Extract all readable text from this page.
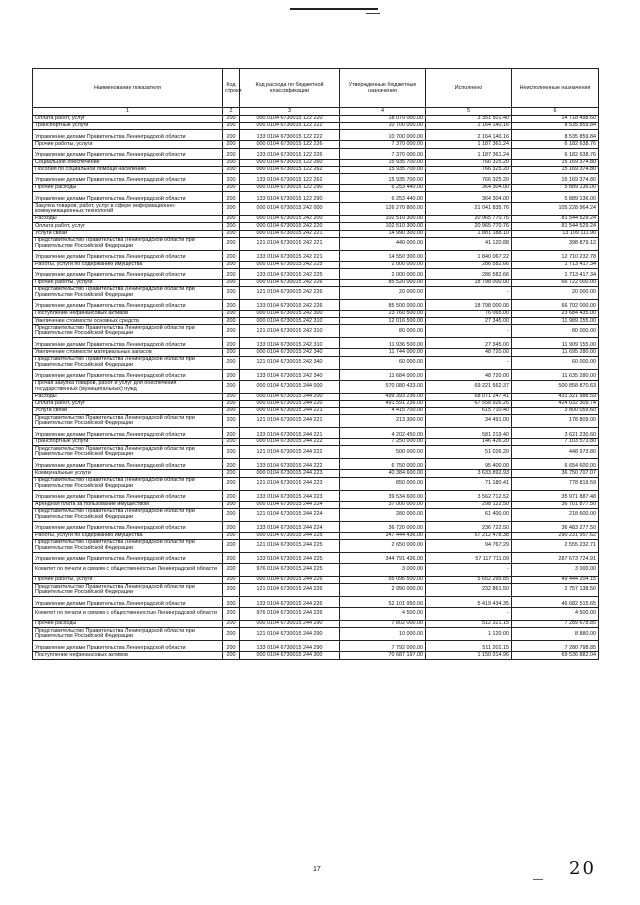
Наименование показателя	Код строки	Код расхода по бюджетной классификации	Утвержденные бюджетные назначения	Исполнено	Неисполненные назначения
1	2	3	4	5	6
Оплата работ, услуг	200	000 0104 6730015 122 220	18 070 000.00	3 351 501.40	14 718 498.60
Транспортные услуги	200	000 0104 6730015 122 222	10 700 000.00	2 164 140.16	8 535 859.84
Управление делами Правительства Ленинградской области	200	133 0104 6730015 122 222	10 700 000.00	2 164 140.16	8 535 859.84
Прочие работы, услуги	200	000 0104 6730015 122 226	7 370 000.00	1 187 361.24	6 182 638.76
Управление делами Правительства Ленинградской области	200	133 0104 6730015 122 226	7 370 000.00	1 187 361.24	6 182 638.76
Социальное обеспечение	200	000 0104 6730015 122 260	15 935 700.00	766 325.20	15 169 374.80
Пособия по социальной помощи населению	200	000 0104 6730015 122 262	15 935 700.00	766 325.20	15 169 374.80
Управление делами Правительства Ленинградской области	200	133 0104 6730015 122 262	15 935 700.00	766 325.20	15 169 374.80
Прочие расходы	200	000 0104 6730015 122 290	6 253 440.00	364 304.00	5 889 136.00
Управление делами Правительства Ленинградской области	200	133 0104 6730015 122 290	6 253 440.00	364 304.00	5 889 136.00
Закупка товаров, работ, услуг в сфере информационно-коммуникационных технологий	200	000 0104 6730015 242 000	126 270 800.00	21 041 835.76	105 228 964.24
Расходы	200	000 0104 6730015 242 200	102 510 300.00	20 965 770.76	81 544 529.24
Оплата работ, услуг	200	000 0104 6730015 242 220	102 510 300.00	20 965 770.76	81 544 529.24
Услуги связи	200	000 0104 6730015 242 221	14 990 300.00	1 881 188.10	13 109 111.90
Представительство Правительства Ленинградской области при Правительстве Российской Федерации	200	121 0104 6730015 242 221	440 000.00	41 120.88	398 879.12
Управление делами Правительства Ленинградской области	200	133 0104 6730015 242 221	14 550 300.00	1 840 067.22	12 710 232.78
Работы, услуги по содержанию имущества	200	000 0104 6730015 242 225	2 000 000.00	286 582.66	1 713 417.34
Управление делами Правительства Ленинградской области	200	133 0104 6730015 242 225	2 000 000.00	286 582.66	1 713 417.34
Прочие работы, услуги	200	000 0104 6730015 242 226	85 520 000.00	18 798 000.00	66 722 000.00
Представительство Правительства Ленинградской области при Правительстве Российской Федерации	200	121 0104 6730015 242 226	20 000.00	-	20 000.00
Управление делами Правительства Ленинградской области	200	133 0104 6730015 242 226	85 500 000.00	18 798 000.00	66 702 000.00
Поступление нефинансовых активов	200	000 0104 6730015 242 300	23 760 500.00	76 065.00	23 684 435.00
Увеличение стоимости основных средств	200	000 0104 6730015 242 310	12 016 500.00	27 345.00	11 989 155.00
Представительство Правительства Ленинградской области при Правительстве Российской Федерации	200	121 0104 6730015 242 310	80 000.00	-	80 000.00
Управление делами Правительства Ленинградской области	200	133 0104 6730015 242 310	11 936 500.00	27 345.00	11 909 155.00
Увеличение стоимости материальных запасов	200	000 0104 6730015 242 340	11 744 000.00	48 720.00	11 695 280.00
Представительство Правительства Ленинградской области при Правительстве Российской Федерации	200	121 0104 6730015 242 340	60 000.00	-	60 000.00
Управление делами Правительства Ленинградской области	200	133 0104 6730015 242 340	11 684 000.00	48 720.00	11 635 280.00
Прочая закупка товаров, работ и услуг для обеспечения государственных (муниципальных) нужд	200	000 0104 6730015 244 000	570 080 433.00	69 221 562.37	500 858 870.63
Расходы	200	000 0104 6730015 244 200	499 393 236.00	68 071 247.41	431 321 988.59
Оплата работ, услуг	200	000 0104 6730015 244 220	491 591 236.00	67 558 926.26	424 032 309.74
Услуги связи	200	000 0104 6730015 244 221	4 415 700.00	615 710.40	3 800 059.60
Представительство Правительства Ленинградской области при Правительстве Российской Федерации	200	121 0104 6730015 244 221	213 300.00	34 491.00	178 809.00
Управление делами Правительства Ленинградской области	200	133 0104 6730015 244 221	4 202 450.00	581 219.40	3 621 230.60
Транспортные услуги	200	000 0104 6730015 244 222	7 250 000.00	146 426.20	7 103 573.80
Представительство Правительства Ленинградской области при Правительстве Российской Федерации	200	121 0104 6730015 244 222	500 000.00	51 026.20	448 973.80
Управление делами Правительства Ленинградской области	200	133 0104 6730015 244 222	6 750 000.00	95 400.00	6 654 600.00
Коммунальные услуги	200	000 0104 6730015 244 223	40 384 600.00	3 633 892.93	36 750 707.07
Представительство Правительства Ленинградской области при Правительстве Российской Федерации	200	121 0104 6730015 244 223	850 000.00	71 180.41	778 819.59
Управление делами Правительства Ленинградской области	200	133 0104 6730015 244 223	39 534 600.00	3 562 712.52	35 971 887.48
Арендная плата за пользование имуществом	200	000 0104 6730015 244 224	37 000 000.00	298 122.50	36 701 877.50
Представительство Правительства Ленинградской области при Правительстве Российской Федерации	200	121 0104 6730015 244 224	280 000.00	61 400.00	218 600.00
Управление делами Правительства Ленинградской области	200	133 0104 6730015 244 224	36 720 000.00	236 722.50	36 483 277.50
Работы, услуги по содержанию имущества	200	000 0104 6730015 244 225	347 444 436.00	57 212 478.38	290 231 957.62
Представительство Правительства Ленинградской области при Правительстве Российской Федерации	200	121 0104 6730015 244 225	2 650 000.00	94 767.29	2 555 232.71
Управление делами Правительства Ленинградской области	200	133 0104 6730015 244 225	344 791 436.00	57 117 711.09	287 673 724.91
Комитет по печати и связям с общественностью Ленинградской области	200	976 0104 6730015 244 225	3 000.00	-	3 000.00
Прочие работы, услуги	200	000 0104 6730015 244 226	55 096 500.00	5 652 295.85	49 444 204.15
Представительство Правительства Ленинградской области при Правительстве Российской Федерации	200	121 0104 6730015 244 226	2 990 000.00	232 861.50	2 757 138.50
Управление делами Правительства Ленинградской области	200	133 0104 6730015 244 226	52 101 950.00	5 419 434.35	46 682 515.65
Комитет по печати и связям с общественностью Ленинградской области	200	976 0104 6730015 244 226	4 500.00	-	4 500.00
Прочие расходы	200	000 0104 6730015 244 290	7 802 000.00	512 321.15	7 289 678.85
Представительство Правительства Ленинградской области при Правительстве Российской Федерации	200	121 0104 6730015 244 290	10 000.00	1 120.00	8 880.00
Управление делами Правительства Ленинградской области	200	133 0104 6730015 244 290	7 792 000.00	511 201.15	7 280 798.85
Поступление нефинансовых активов	200	000 0104 6730015 244 300	70 687 197.00	1 150 314.96	69 536 882.04
17
—
20
